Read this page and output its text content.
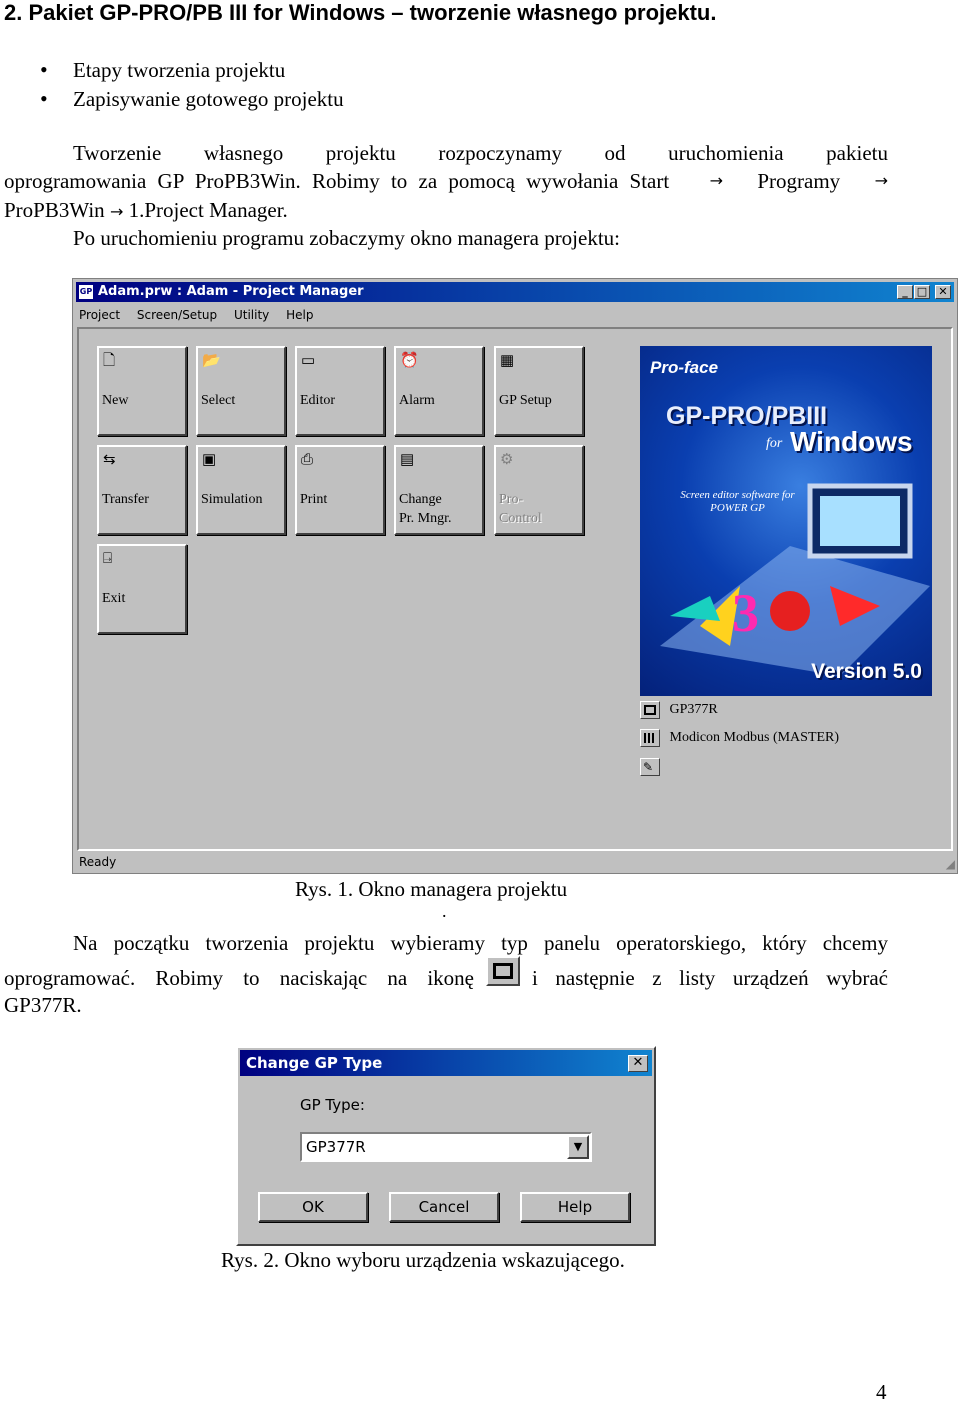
2. Pakiet GP-PRO/PB III for Windows – tworzenie własnego projektu.
• Etapy tworzenia projektu
• Zapisywanie gotowego projektu
Tworzenie własnego projektu rozpoczynamy od uruchomienia pakietu
oprogramowania GP ProPB3Win. Robimy to za pomocą wywołania Start	→ Programy →
ProPB3Win → 1.Project Manager.
Po uruchomieniu programu zobaczymy okno managera projektu:
GP Adam.prw : Adam - Project Manager	_ □	✕
Project Screen/Setup Utility Help
Ready	◢
🗋
New
📂
Select
▭
Editor
⏰
Alarm
▦
GP Setup
⇆
Transfer
▣
Simulation
⎙
Print
▤
Change
Pr. Mngr.
⚙
Pro-
Control
⍈
Exit
Pro-face
GP-PRO/PBIII
for Windows
Screen editor software for POWER GP
3
Version 5.0
GP377R
Modicon Modbus (MASTER)
✎
Rys. 1. Okno managera projektu
.
Na początku tworzenia projektu wybieramy typ panelu operatorskiego, który chcemy
oprogramować. Robimy to naciskając na ikonę	i następnie z listy urządzeń wybrać
GP377R.
Change GP Type	✕
GP Type:
GP377R	▼
OK	Cancel	Help
Rys. 2. Okno wyboru urządzenia wskazującego.
4
